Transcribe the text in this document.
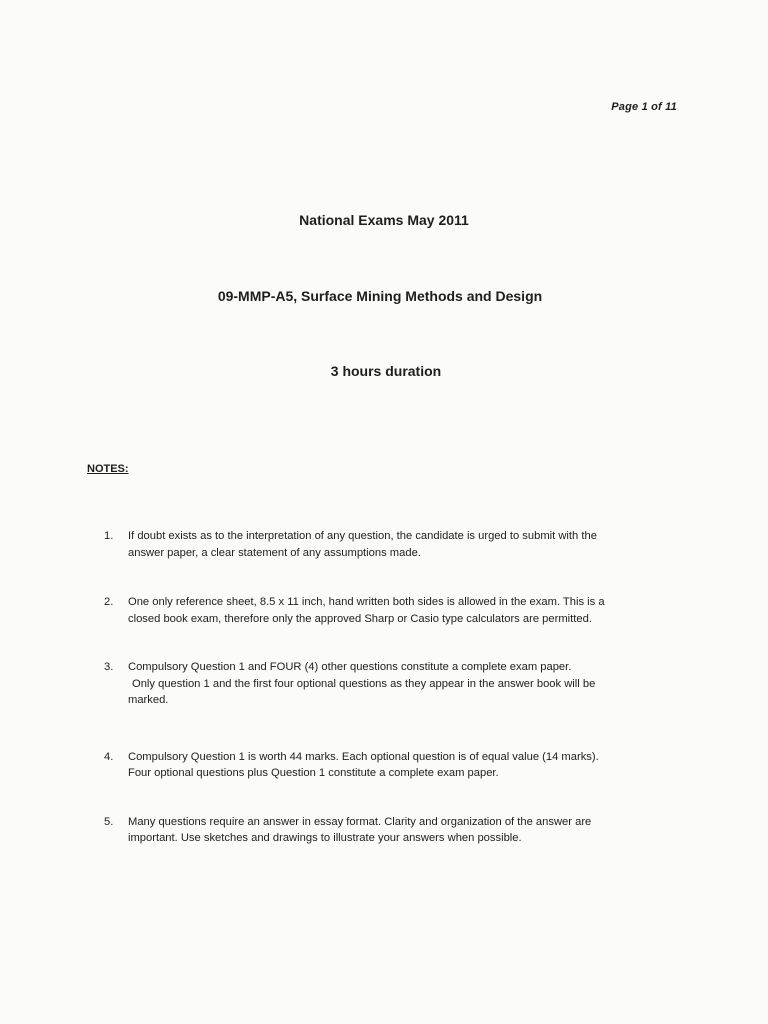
Page 1 of 11
National Exams May 2011
09-MMP-A5, Surface Mining Methods and Design
3 hours duration
NOTES:
1. If doubt exists as to the interpretation of any question, the candidate is urged to submit with the

answer paper, a clear statement of any assumptions made.

2. One only reference sheet, 8.5 x 11 inch, hand written both sides is allowed in the exam. This is a

closed book exam, therefore only the approved Sharp or Casio type calculators are permitted.

3. Compulsory Question 1 and FOUR (4) other questions constitute a complete exam paper.

Only question 1 and the first four optional questions as they appear in the answer book will be

marked.

4. Compulsory Question 1 is worth 44 marks. Each optional question is of equal value (14 marks).

Four optional questions plus Question 1 constitute a complete exam paper.

5. Many questions require an answer in essay format. Clarity and organization of the answer are

important. Use sketches and drawings to illustrate your answers when possible.
